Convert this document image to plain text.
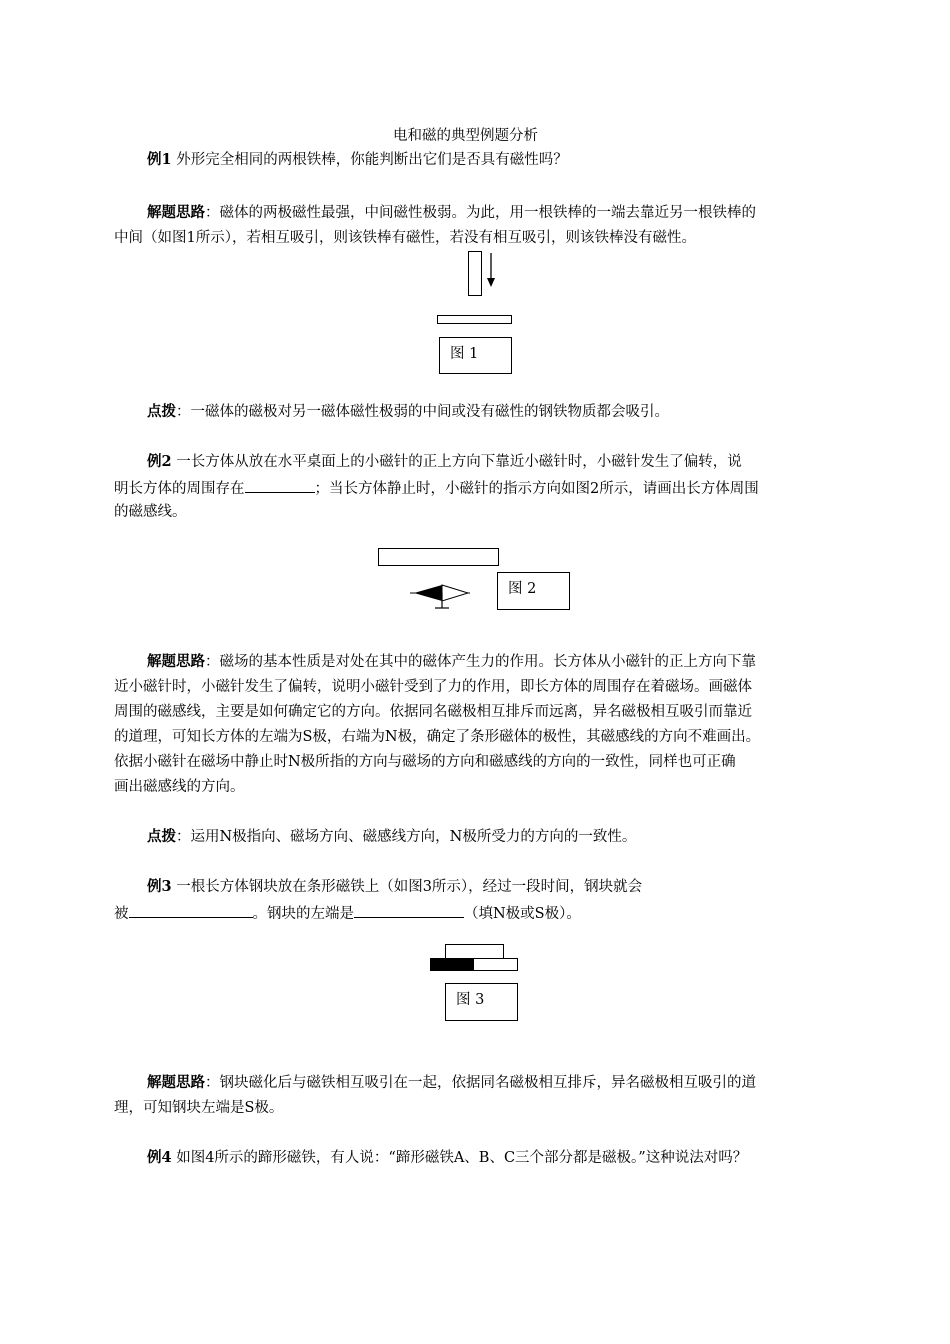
电和磁的典型例题分析
例1 外形完全相同的两根铁棒，你能判断出它们是否具有磁性吗？
解题思路：磁体的两极磁性最强，中间磁性极弱。为此，用一根铁棒的一端去靠近另一根铁棒的
中间（如图1所示），若相互吸引，则该铁棒有磁性，若没有相互吸引，则该铁棒没有磁性。
图 1
点拨：一磁体的磁极对另一磁体磁性极弱的中间或没有磁性的钢铁物质都会吸引。
例2 一长方体从放在水平桌面上的小磁针的正上方向下靠近小磁针时，小磁针发生了偏转，说
明长方体的周围存在	；当长方体静止时，小磁针的指示方向如图2所示，请画出长方体周围
的磁感线。
图 2
解题思路：磁场的基本性质是对处在其中的磁体产生力的作用。长方体从小磁针的正上方向下靠
近小磁针时，小磁针发生了偏转，说明小磁针受到了力的作用，即长方体的周围存在着磁场。画磁体
周围的磁感线，主要是如何确定它的方向。依据同名磁极相互排斥而远离，异名磁极相互吸引而靠近
的道理，可知长方体的左端为S极，右端为N极，确定了条形磁体的极性，其磁感线的方向不难画出。
依据小磁针在磁场中静止时N极所指的方向与磁场的方向和磁感线的方向的一致性，同样也可正确
画出磁感线的方向。
点拨：运用N极指向、磁场方向、磁感线方向，N极所受力的方向的一致性。
例3 一根长方体钢块放在条形磁铁上（如图3所示），经过一段时间，钢块就会
被	。钢块的左端是	（填N极或S极）。
图 3
解题思路：钢块磁化后与磁铁相互吸引在一起，依据同名磁极相互排斥，异名磁极相互吸引的道
理，可知钢块左端是S极。
例4 如图4所示的蹄形磁铁，有人说：“蹄形磁铁A、B、C三个部分都是磁极。”这种说法对吗？
